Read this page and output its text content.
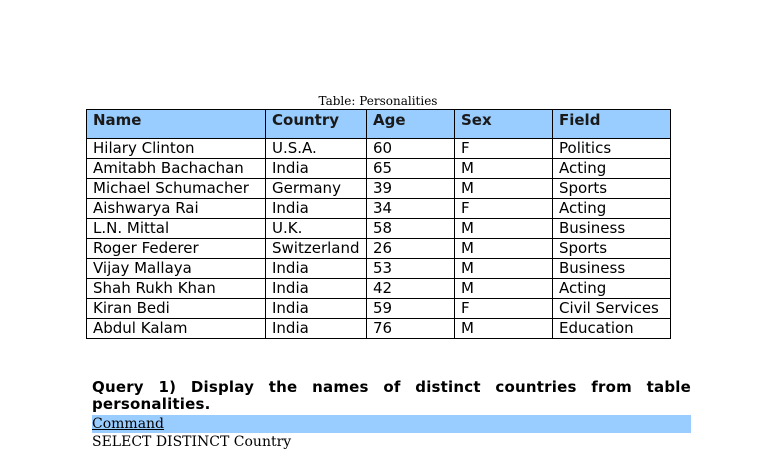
Table: Personalities
Name	Country	Age	Sex	Field
Hilary Clinton	U.S.A.	60	F	Politics
Amitabh Bachachan	India	65	M	Acting
Michael Schumacher	Germany	39	M	Sports
Aishwarya Rai	India	34	F	Acting
L.N. Mittal	U.K.	58	M	Business
Roger Federer	Switzerland	26	M	Sports
Vijay Mallaya	India	53	M	Business
Shah Rukh Khan	India	42	M	Acting
Kiran Bedi	India	59	F	Civil Services
Abdul Kalam	India	76	M	Education
Query 1) Display the names of distinct countries from table personalities.
Command
SELECT DISTINCT Country
